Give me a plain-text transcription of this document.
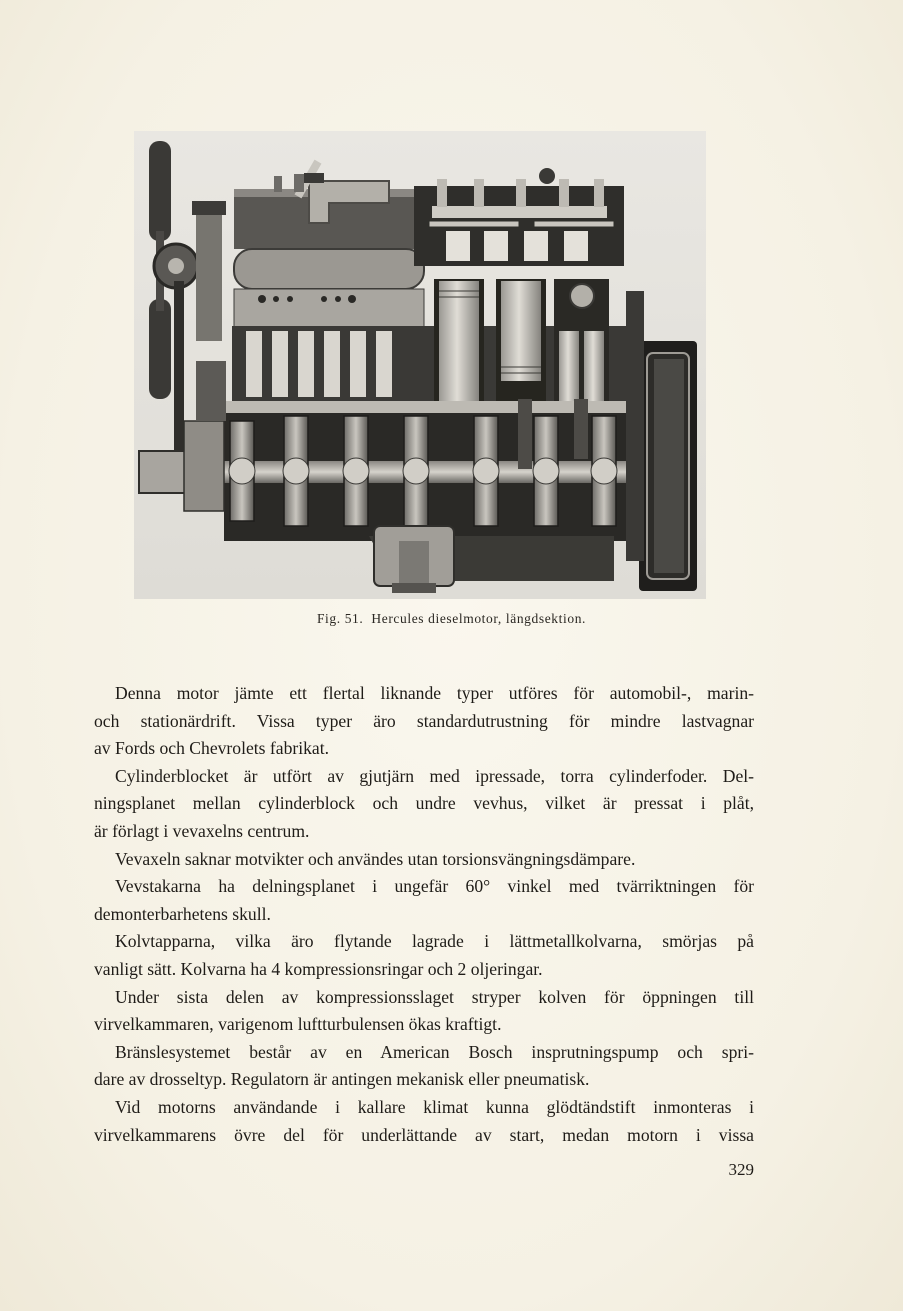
Fig. 51. Hercules dieselmotor, längdsektion.

Denna motor jämte ett flertal liknande typer utföres för automobil-, marin-
och stationärdrift. Vissa typer äro standardutrustning för mindre lastvagnar
av Fords och Chevrolets fabrikat.

Cylinderblocket är utfört av gjutjärn med ipressade, torra cylinderfoder. Del-
ningsplanet mellan cylinderblock och undre vevhus, vilket är pressat i plåt,
är förlagt i vevaxelns centrum.

Vevaxeln saknar motvikter och användes utan torsionsvängningsdämpare.

Vevstakarna ha delningsplanet i ungefär 60° vinkel med tvärriktningen för
demonterbarhetens skull.

Kolvtapparna, vilka äro flytande lagrade i lättmetallkolvarna, smörjas på
vanligt sätt. Kolvarna ha 4 kompressionsringar och 2 oljeringar.

Under sista delen av kompressionsslaget stryper kolven för öppningen till
virvelkammaren, varigenom luftturbulensen ökas kraftigt.

Bränslesystemet består av en American Bosch insprutningspump och spri-
dare av drosseltyp. Regulatorn är antingen mekanisk eller pneumatisk.

Vid motorns användande i kallare klimat kunna glödtändstift inmonteras i
virvelkammarens övre del för underlättande av start, medan motorn i vissa

329
